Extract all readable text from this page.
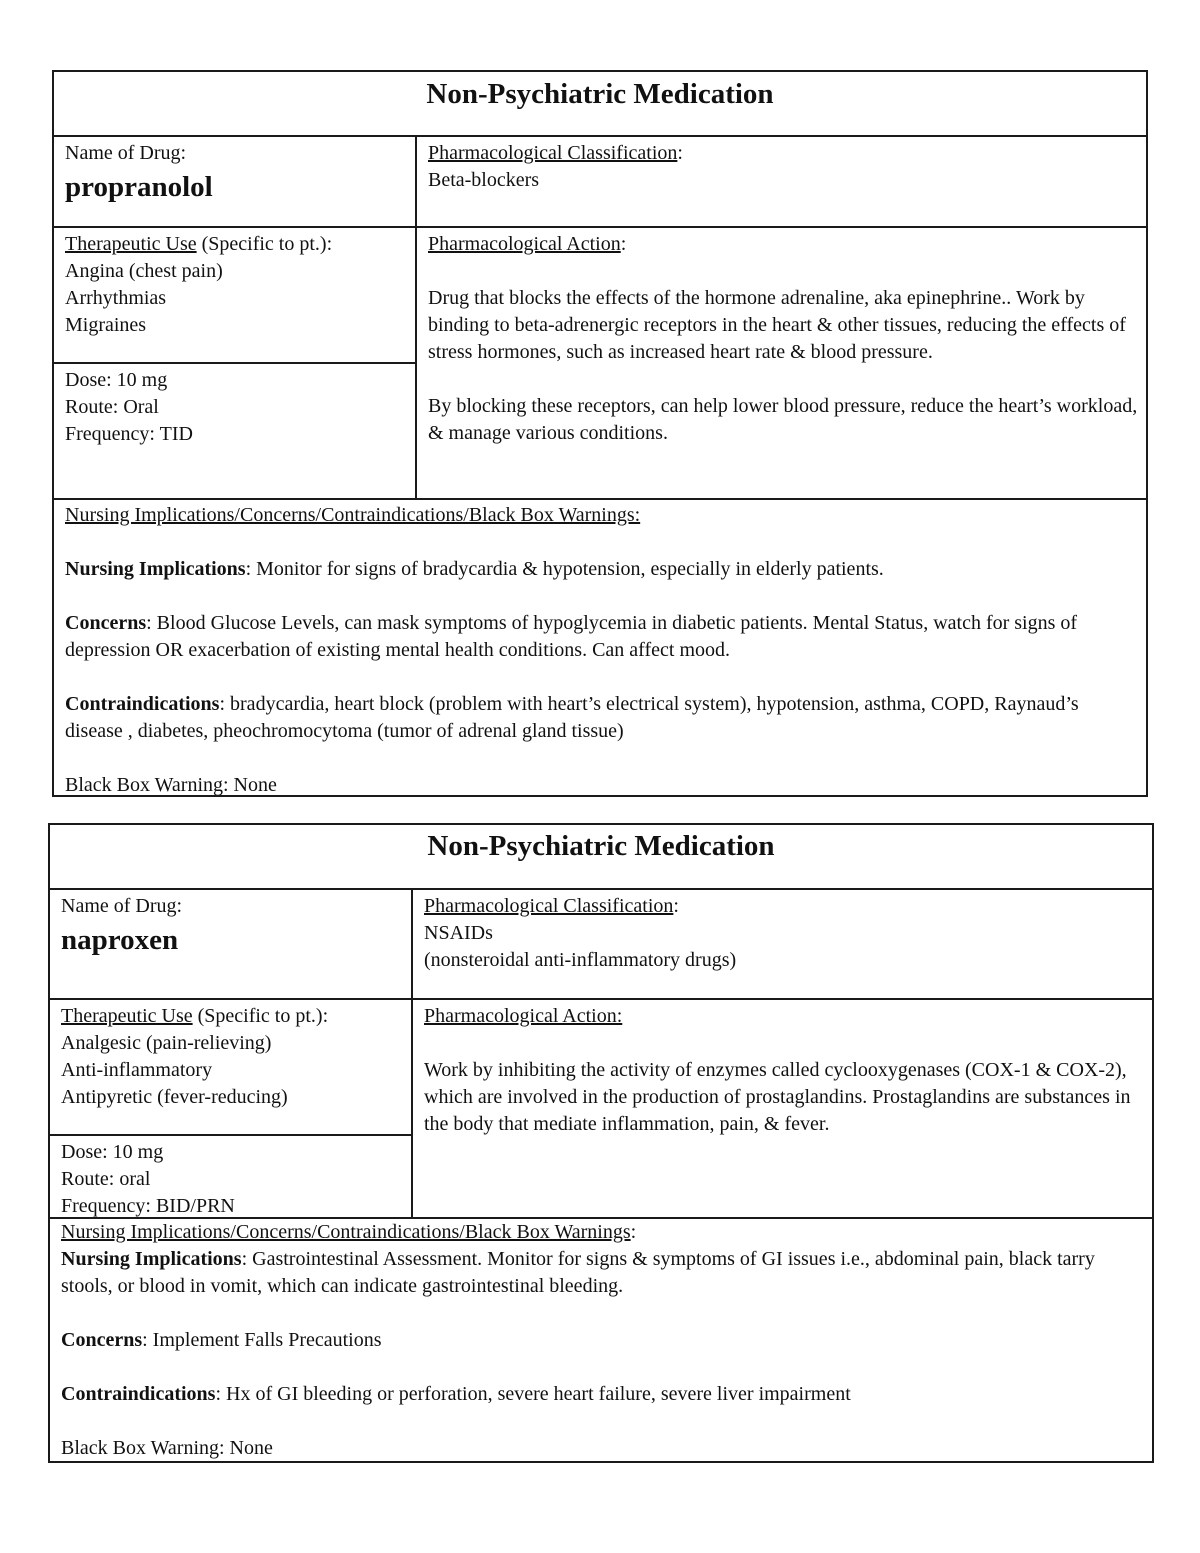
Non-Psychiatric Medication
Name of Drug:
propranolol
Pharmacological Classification:
Beta-blockers
Therapeutic Use (Specific to pt.):
Angina (chest pain)
Arrhythmias
Migraines
Dose: 10 mg
Route: Oral
Frequency: TID
Pharmacological Action:
Drug that blocks the effects of the hormone adrenaline, aka epinephrine.. Work by binding to beta-adrenergic receptors in the heart & other tissues, reducing the effects of stress hormones, such as increased heart rate & blood pressure.
By blocking these receptors, can help lower blood pressure, reduce the heart’s workload, & manage various conditions.
Nursing Implications/Concerns/Contraindications/Black Box Warnings:
Nursing Implications: Monitor for signs of bradycardia & hypotension, especially in elderly patients.
Concerns: Blood Glucose Levels, can mask symptoms of hypoglycemia in diabetic patients. Mental Status, watch for signs of depression OR exacerbation of existing mental health conditions. Can affect mood.
Contraindications: bradycardia, heart block (problem with heart’s electrical system), hypotension, asthma, COPD, Raynaud’s disease , diabetes, pheochromocytoma (tumor of adrenal gland tissue)
Black Box Warning: None
Non-Psychiatric Medication
Name of Drug:
naproxen
Pharmacological Classification:
NSAIDs
(nonsteroidal anti-inflammatory drugs)
Therapeutic Use (Specific to pt.):
Analgesic (pain-relieving)
Anti-inflammatory
Antipyretic (fever-reducing)
Dose: 10 mg
Route: oral
Frequency: BID/PRN
Pharmacological Action:
Work by inhibiting the activity of enzymes called cyclooxygenases (COX-1 & COX-2), which are involved in the production of prostaglandins. Prostaglandins are substances in the body that mediate inflammation, pain, & fever.
Nursing Implications/Concerns/Contraindications/Black Box Warnings:
Nursing Implications: Gastrointestinal Assessment. Monitor for signs & symptoms of GI issues i.e., abdominal pain, black tarry stools, or blood in vomit, which can indicate gastrointestinal bleeding.
Concerns: Implement Falls Precautions
Contraindications: Hx of GI bleeding or perforation, severe heart failure, severe liver impairment
Black Box Warning: None
